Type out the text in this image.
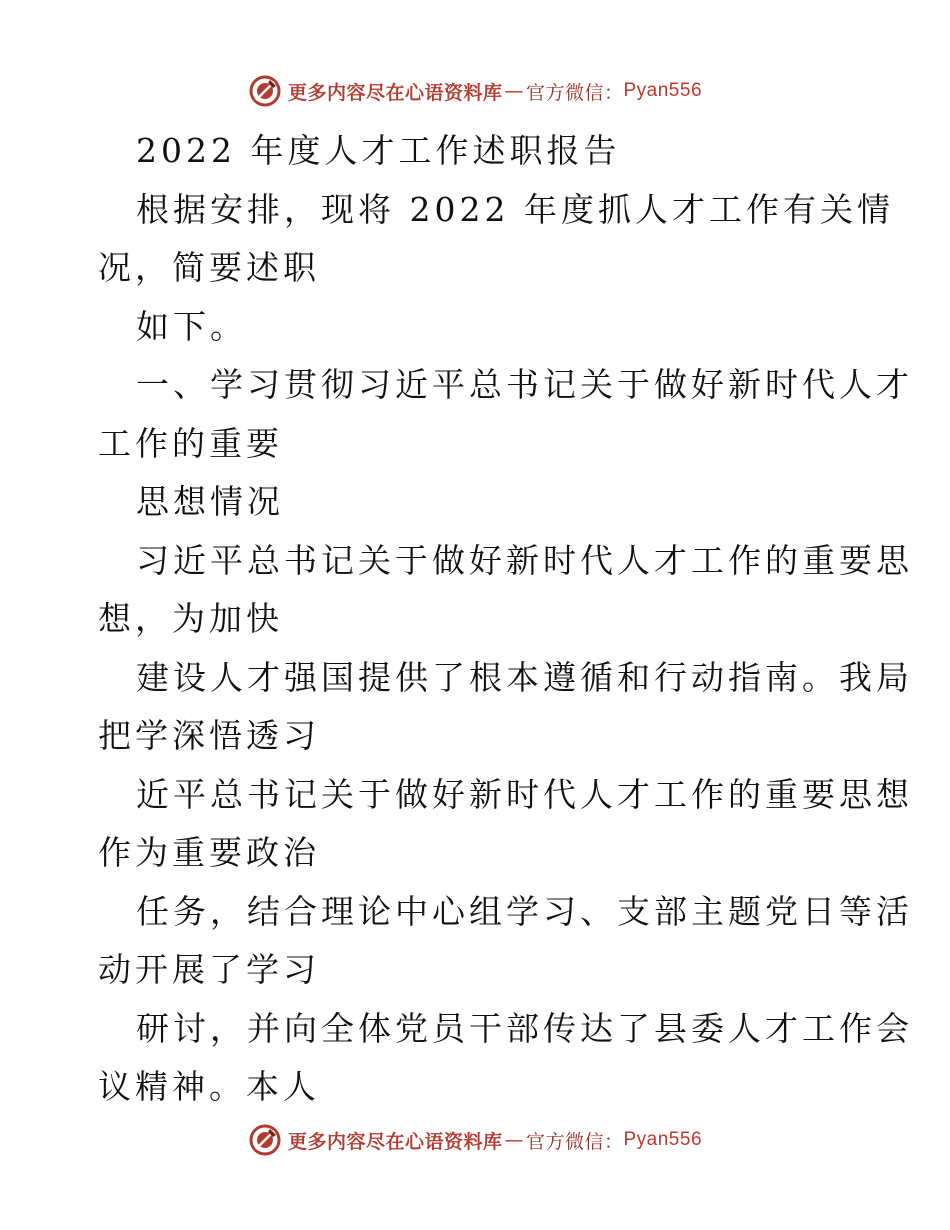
更多内容尽在心语资料库 — 官方微信： Pyan556

2022 年度人才工作述职报告

根据安排，现将 2022 年度抓人才工作有关情

况，简要述职

如下。

一、学习贯彻习近平总书记关于做好新时代人才

工作的重要

思想情况

习近平总书记关于做好新时代人才工作的重要思

想，为加快

建设人才强国提供了根本遵循和行动指南。我局

把学深悟透习

近平总书记关于做好新时代人才工作的重要思想

作为重要政治

任务，结合理论中心组学习、支部主题党日等活

动开展了学习

研讨，并向全体党员干部传达了县委人才工作会

议精神。本人

更多内容尽在心语资料库 — 官方微信： Pyan556
